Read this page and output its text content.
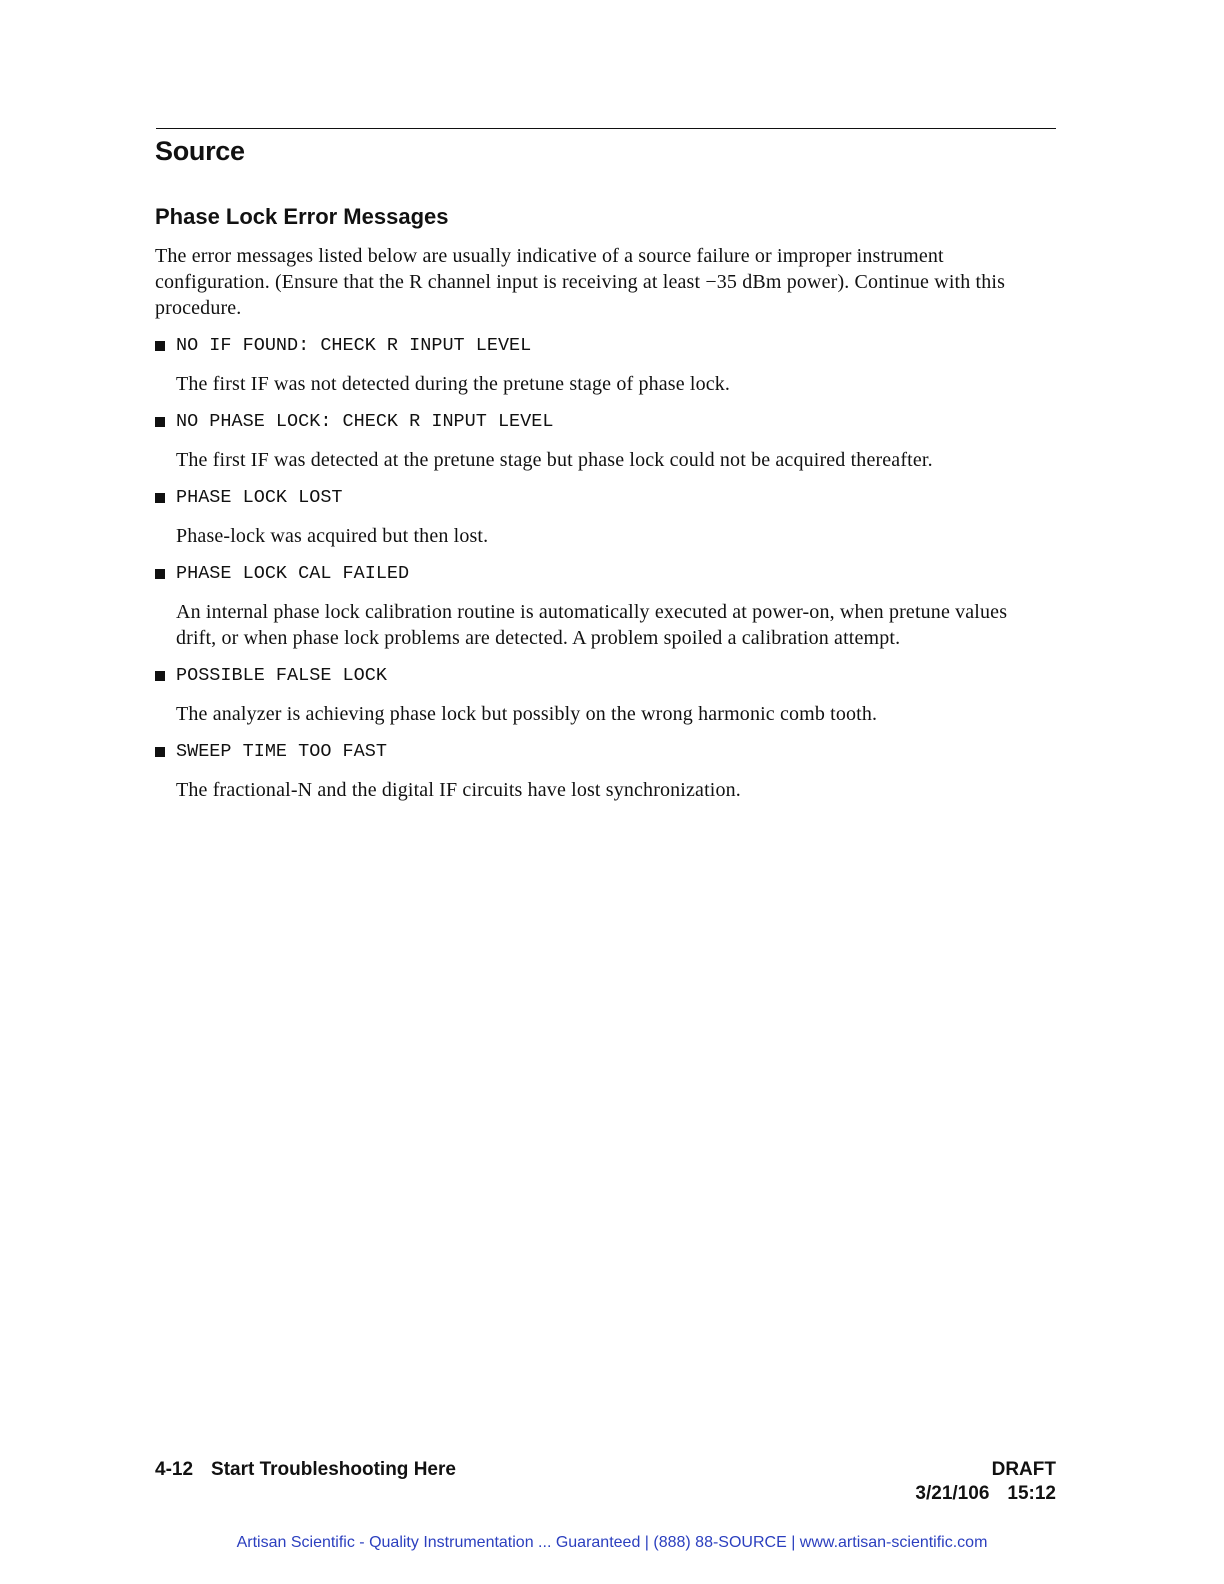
Source
Phase Lock Error Messages

The error messages listed below are usually indicative of a source failure or improper instrument configuration. (Ensure that the R channel input is receiving at least −35 dBm power). Continue with this procedure.

NO IF FOUND: CHECK R INPUT LEVEL

The first IF was not detected during the pretune stage of phase lock.

NO PHASE LOCK: CHECK R INPUT LEVEL

The first IF was detected at the pretune stage but phase lock could not be acquired thereafter.

PHASE LOCK LOST

Phase-lock was acquired but then lost.

PHASE LOCK CAL FAILED

An internal phase lock calibration routine is automatically executed at power-on, when pretune values drift, or when phase lock problems are detected. A problem spoiled a calibration attempt.

POSSIBLE FALSE LOCK

The analyzer is achieving phase lock but possibly on the wrong harmonic comb tooth.

SWEEP TIME TOO FAST

The fractional-N and the digital IF circuits have lost synchronization.

4-12 Start Troubleshooting Here	DRAFT
3/21/106 15:12
Artisan Scientific - Quality Instrumentation ... Guaranteed | (888) 88-SOURCE | www.artisan-scientific.com
